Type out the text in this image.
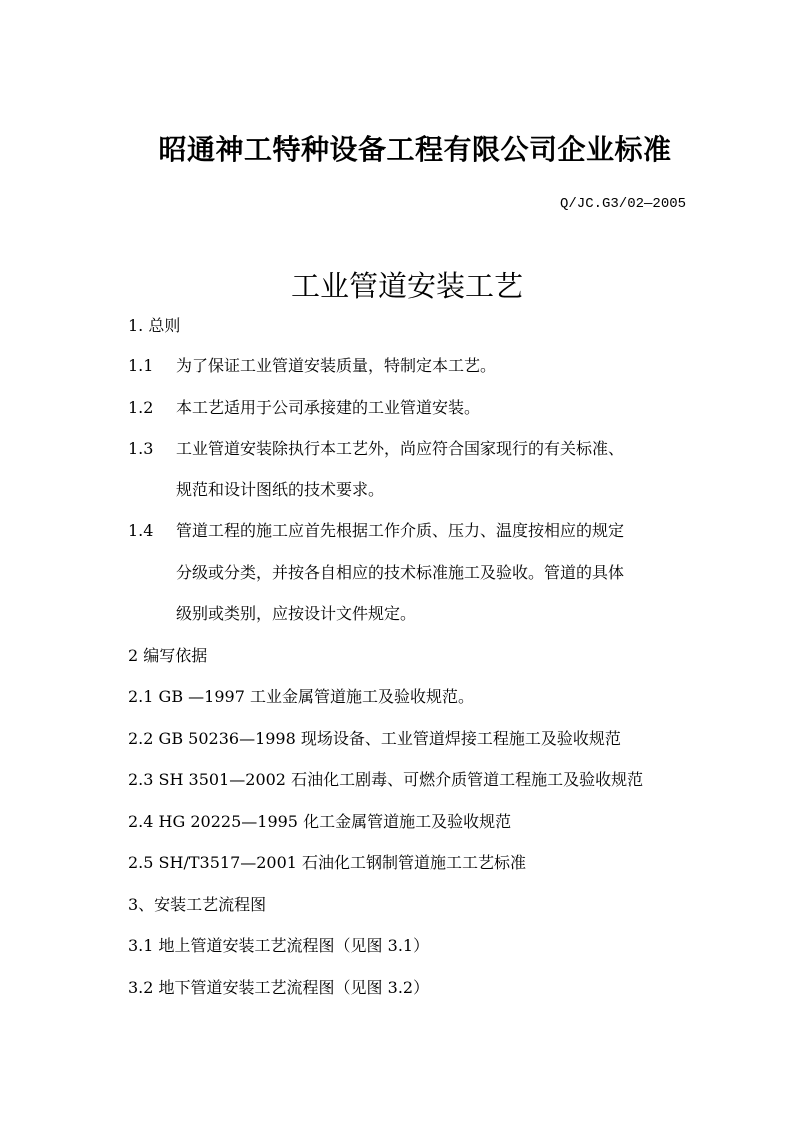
昭通神工特种设备工程有限公司企业标准
Q/JC.G3/02—2005
工业管道安装工艺
1. 总则
1.1 为了保证工业管道安装质量，特制定本工艺。
1.2 本工艺适用于公司承接建的工业管道安装。
1.3 工业管道安装除执行本工艺外，尚应符合国家现行的有关标准、
规范和设计图纸的技术要求。
1.4 管道工程的施工应首先根据工作介质、压力、温度按相应的规定
分级或分类，并按各自相应的技术标准施工及验收。管道的具体
级别或类别，应按设计文件规定。
2 编写依据
2.1 GB —1997 工业金属管道施工及验收规范。
2.2 GB 50236—1998 现场设备、工业管道焊接工程施工及验收规范
2.3 SH 3501—2002 石油化工剧毒、可燃介质管道工程施工及验收规范
2.4 HG 20225—1995 化工金属管道施工及验收规范
2.5 SH/T3517—2001 石油化工钢制管道施工工艺标准
3、安装工艺流程图
3.1 地上管道安装工艺流程图（见图 3.1）
3.2 地下管道安装工艺流程图（见图 3.2）
